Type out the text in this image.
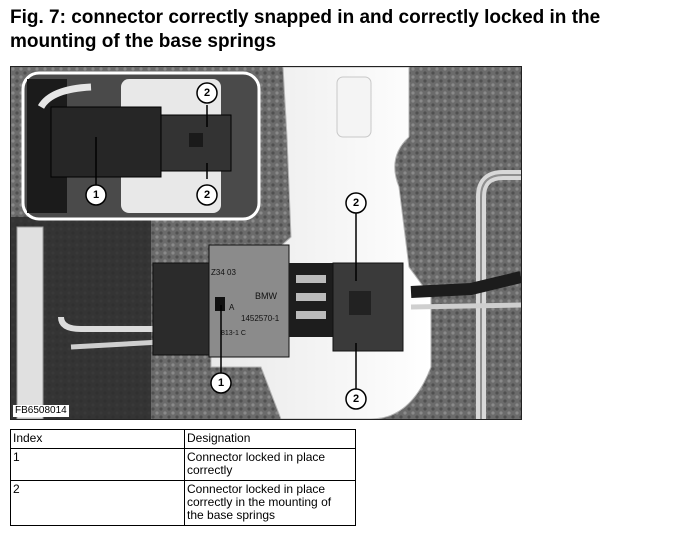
Fig. 7: connector correctly snapped in and correctly locked in the mounting of the base springs
Z34 03
BMW
1452570-1
813-1 C
A
1
2
2
1
2
2
FB6508014
Index	Designation
1	Connector locked in place
correctly

2	Connector locked in place
correctly in the mounting of
the base springs
